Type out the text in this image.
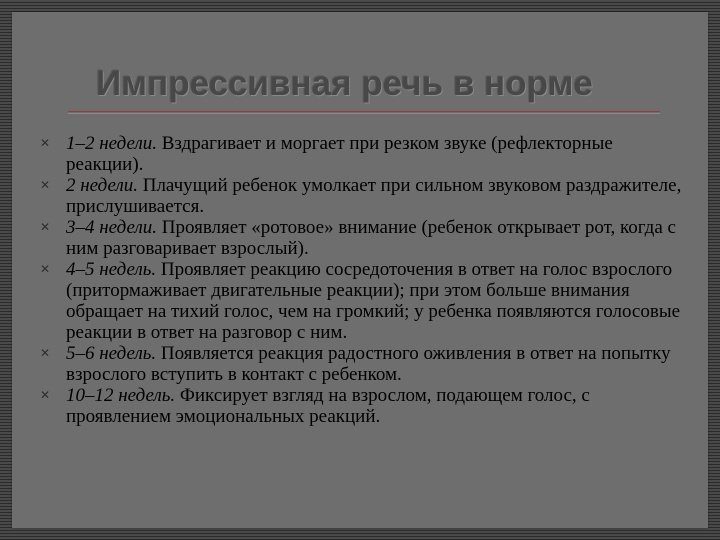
Импрессивная речь в норме
✕ 1–2 недели. Вздрагивает и моргает при резком звуке (рефлекторные реакции).
✕ 2 недели. Плачущий ребенок умолкает при сильном звуковом раздражителе, прислушивается.
✕ 3–4 недели. Проявляет «ротовое» внимание (ребенок открывает рот, когда с ним разговаривает взрослый).
✕ 4–5 недель. Проявляет реакцию сосредоточения в ответ на голос взрослого (притормаживает двигательные реакции); при этом больше внимания обращает на тихий голос, чем на громкий; у ребенка появляются голосовые реакции в ответ на разговор с ним.
✕ 5–6 недель. Появляется реакция радостного оживления в ответ на попытку взрослого вступить в контакт с ребенком.
✕ 10–12 недель. Фиксирует взгляд на взрослом, подающем голос, с проявлением эмоциональных реакций.
